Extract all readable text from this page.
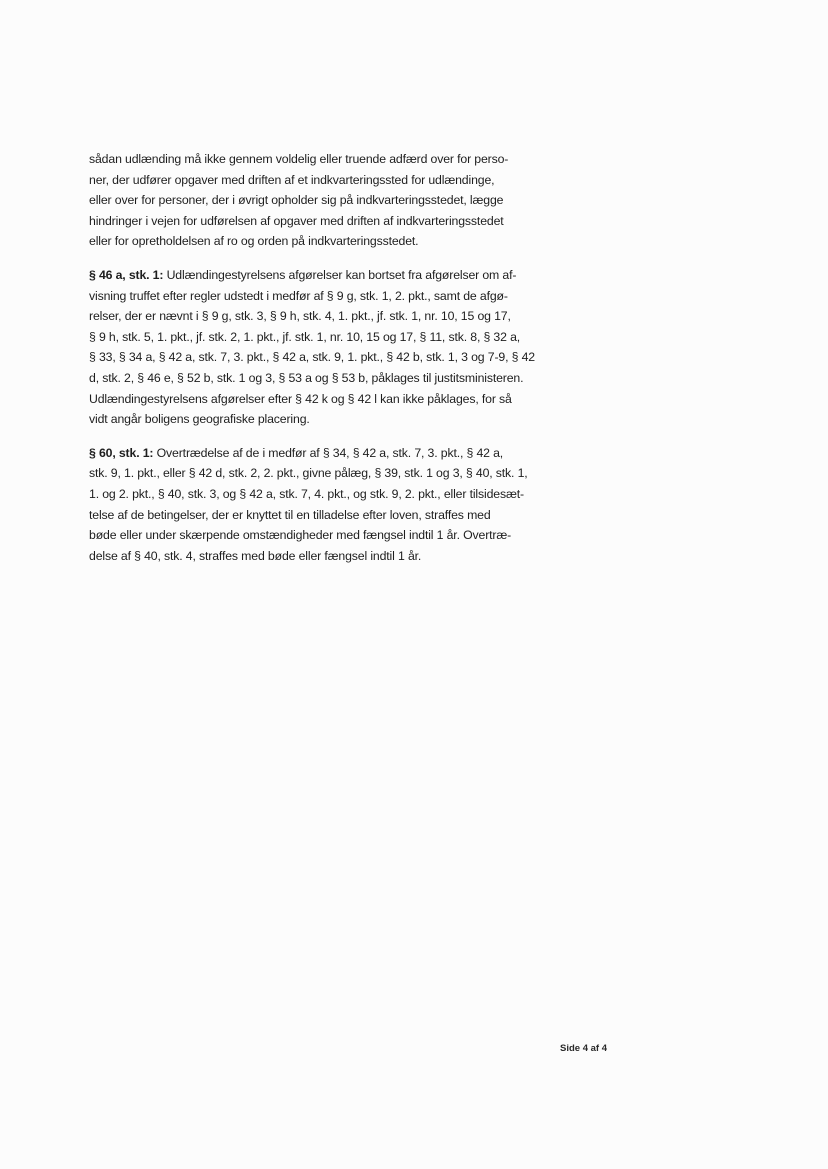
sådan udlænding må ikke gennem voldelig eller truende adfærd over for perso-
ner, der udfører opgaver med driften af et indkvarteringssted for udlændinge,
eller over for personer, der i øvrigt opholder sig på indkvarteringsstedet, lægge
hindringer i vejen for udførelsen af opgaver med driften af indkvarteringsstedet
eller for opretholdelsen af ro og orden på indkvarteringsstedet.

§ 46 a, stk. 1: Udlændingestyrelsens afgørelser kan bortset fra afgørelser om af-
visning truffet efter regler udstedt i medfør af § 9 g, stk. 1, 2. pkt., samt de afgø-
relser, der er nævnt i § 9 g, stk. 3, § 9 h, stk. 4, 1. pkt., jf. stk. 1, nr. 10, 15 og 17,
§ 9 h, stk. 5, 1. pkt., jf. stk. 2, 1. pkt., jf. stk. 1, nr. 10, 15 og 17, § 11, stk. 8, § 32 a,
§ 33, § 34 a, § 42 a, stk. 7, 3. pkt., § 42 a, stk. 9, 1. pkt., § 42 b, stk. 1, 3 og 7-9, § 42
d, stk. 2, § 46 e, § 52 b, stk. 1 og 3, § 53 a og § 53 b, påklages til justitsministeren.
Udlændingestyrelsens afgørelser efter § 42 k og § 42 l kan ikke påklages, for så
vidt angår boligens geografiske placering.

§ 60, stk. 1: Overtrædelse af de i medfør af § 34, § 42 a, stk. 7, 3. pkt., § 42 a,
stk. 9, 1. pkt., eller § 42 d, stk. 2, 2. pkt., givne pålæg, § 39, stk. 1 og 3, § 40, stk. 1,
1. og 2. pkt., § 40, stk. 3, og § 42 a, stk. 7, 4. pkt., og stk. 9, 2. pkt., eller tilsidesæt-
telse af de betingelser, der er knyttet til en tilladelse efter loven, straffes med
bøde eller under skærpende omstændigheder med fængsel indtil 1 år. Overtræ-
delse af § 40, stk. 4, straffes med bøde eller fængsel indtil 1 år.

Side 4 af 4
